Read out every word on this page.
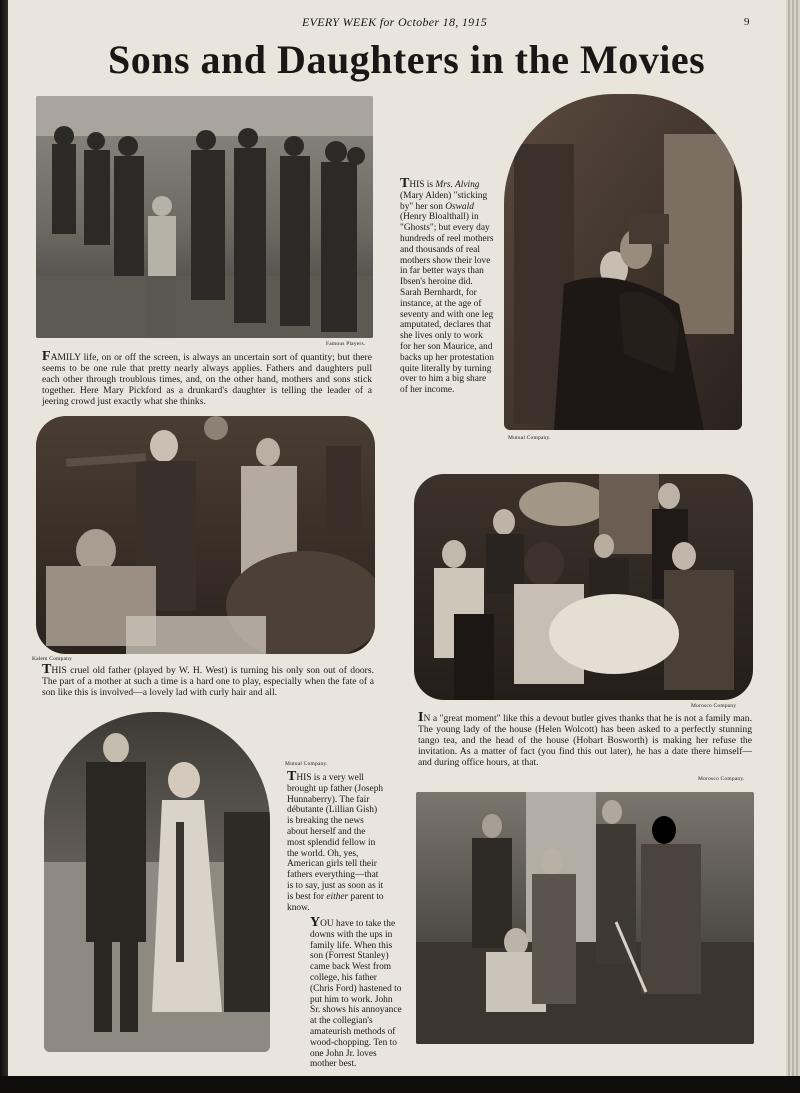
EVERY WEEK for October 18, 1915	9
Sons and Daughters in the Movies
Famous Players.
FAMILY life, on or off the screen, is always an uncertain sort of quantity; but there seems to be one rule that pretty nearly always applies. Fathers and daughters pull each other through troublous times, and, on the other hand, mothers and sons stick together. Here Mary Pickford as a drunkard's daughter is telling the leader of a jeering crowd just exactly what she thinks.
Mutual Company.
THIS is Mrs. Alving (Mary Alden) "sticking by" her son Oswald (Henry Bloalthall) in "Ghosts"; but every day hundreds of reel mothers and thousands of real mothers show their love in far better ways than Ibsen's heroine did. Sarah Bernhardt, for instance, at the age of seventy and with one leg amputated, declares that she lives only to work for her son Maurice, and backs up her protestation quite literally by turning over to him a big share of her income.
Kalem Company
THIS cruel old father (played by W. H. West) is turning his only son out of doors. The part of a mother at such a time is a hard one to play, especially when the fate of a son like this is involved—a lovely lad with curly hair and all.
Morosco Company
IN a "great moment" like this a devout butler gives thanks that he is not a family man. The young lady of the house (Helen Wolcott) has been asked to a perfectly stunning tango tea, and the head of the house (Hobart Bosworth) is making her refuse the invitation. As a matter of fact (you find this out later), he has a date there himself—and during office hours, at that.
Mutual Company.
THIS is a very well brought up father (Joseph Hunnaberry). The fair débutante (Lillian Gish) is breaking the news about herself and the most splendid fellow in the world. Oh, yes, American girls tell their fathers everything—that is to say, just as soon as it is best for either parent to know.
YOU have to take the downs with the ups in family life. When this son (Forrest Stanley) came back West from college, his father (Chris Ford) hastened to put him to work. John Sr. shows his annoyance at the collegian's amateurish methods of wood-chopping. Ten to one John Jr. loves mother best.
Morosco Company.
